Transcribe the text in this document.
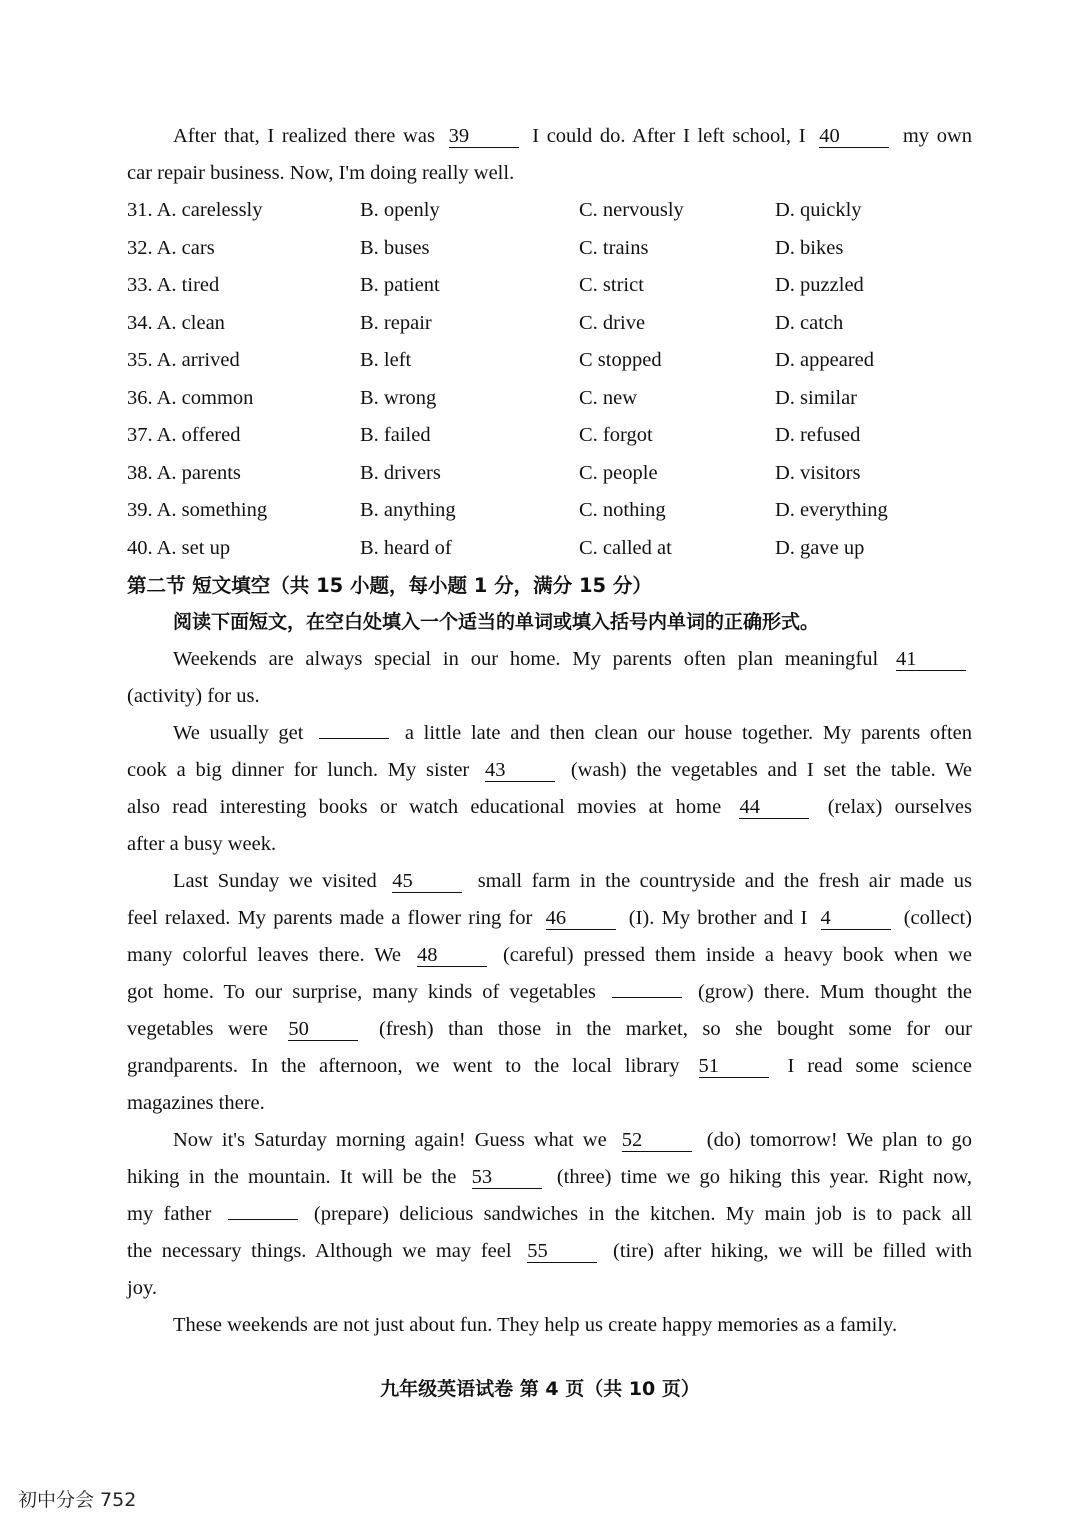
After that, I realized there was 39	I could do. After I left school, I 40	my own
car repair business. Now, I'm doing really well.
31. A. carelessly	B. openly	C. nervously	D. quickly
32. A. cars	B. buses	C. trains	D. bikes
33. A. tired	B. patient	C. strict	D. puzzled
34. A. clean	B. repair	C. drive	D. catch
35. A. arrived	B. left	C stopped	D. appeared
36. A. common	B. wrong	C. new	D. similar
37. A. offered	B. failed	C. forgot	D. refused
38. A. parents	B. drivers	C. people	D. visitors
39. A. something	B. anything	C. nothing	D. everything
40. A. set up	B. heard of	C. called at	D. gave up
第二节 短文填空（共 15 小题，每小题 1 分，满分 15 分）
阅读下面短文，在空白处填入一个适当的单词或填入括号内单词的正确形式。
Weekends are always special in our home. My parents often plan meaningful 41
(activity) for us.
We usually get	a little late and then clean our house together. My parents often
cook a big dinner for lunch. My sister 43	(wash) the vegetables and I set the table. We
also read interesting books or watch educational movies at home 44	(relax) ourselves
after a busy week.
Last Sunday we visited 45	small farm in the countryside and the fresh air made us
feel relaxed. My parents made a flower ring for 46	(I). My brother and I 4	(collect)
many colorful leaves there. We 48	(careful) pressed them inside a heavy book when we
got home. To our surprise, many kinds of vegetables	(grow) there. Mum thought the
vegetables were 50	(fresh) than those in the market, so she bought some for our
grandparents. In the afternoon, we went to the local library 51	I read some science
magazines there.
Now it's Saturday morning again! Guess what we 52	(do) tomorrow! We plan to go
hiking in the mountain. It will be the 53	(three) time we go hiking this year. Right now,
my father	(prepare) delicious sandwiches in the kitchen. My main job is to pack all
the necessary things. Although we may feel 55	(tire) after hiking, we will be filled with
joy.
These weekends are not just about fun. They help us create happy memories as a family.
九年级英语试卷 第 4 页（共 10 页）
初中分会 752
